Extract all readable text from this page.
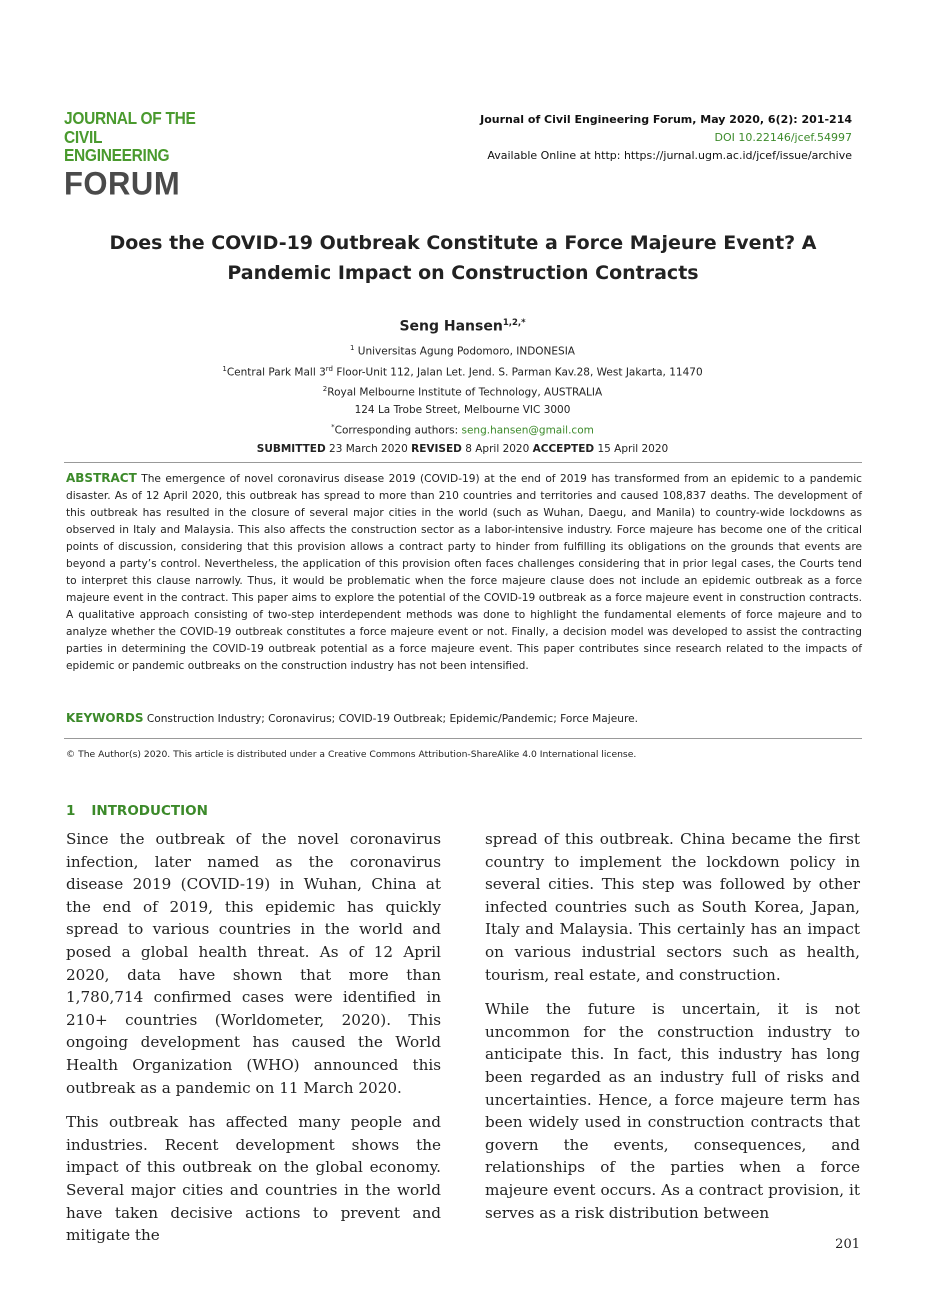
JOURNAL OF THE
CIVIL ENGINEERING
FORUM
Journal of Civil Engineering Forum, May 2020, 6(2): 201-214
DOI 10.22146/jcef.54997
Available Online at http: https://jurnal.ugm.ac.id/jcef/issue/archive
Does the COVID-19 Outbreak Constitute a Force Majeure Event? A
Pandemic Impact on Construction Contracts
Seng Hansen$^{1,2,*}$
$^1$ Universitas Agung Podomoro, INDONESIA
$^1$Central Park Mall 3rd Floor-Unit 112, Jalan Let. Jend. S. Parman Kav.28, West Jakarta, 11470
$^2$Royal Melbourne Institute of Technology, AUSTRALIA
124 La Trobe Street, Melbourne VIC 3000
*Corresponding authors: seng.hansen@gmail.com
SUBMITTED 23 March 2020 REVISED 8 April 2020 ACCEPTED 15 April 2020
ABSTRACT The emergence of novel coronavirus disease 2019 (COVID-19) at the end of 2019 has transformed from an epidemic to a pandemic disaster. As of 12 April 2020, this outbreak has spread to more than 210 countries and territories and caused 108,837 deaths. The development of this outbreak has resulted in the closure of several major cities in the world (such as Wuhan, Daegu, and Manila) to country-wide lockdowns as observed in Italy and Malaysia. This also affects the construction sector as a labor-intensive industry. Force majeure has become one of the critical points of discussion, considering that this provision allows a contract party to hinder from fulfilling its obligations on the grounds that events are beyond a party’s control. Nevertheless, the application of this provision often faces challenges considering that in prior legal cases, the Courts tend to interpret this clause narrowly. Thus, it would be problematic when the force majeure clause does not include an epidemic outbreak as a force majeure event in the contract. This paper aims to explore the potential of the COVID-19 outbreak as a force majeure event in construction contracts. A qualitative approach consisting of two-step interdependent methods was done to highlight the fundamental elements of force majeure and to analyze whether the COVID-19 outbreak constitutes a force majeure event or not. Finally, a decision model was developed to assist the contracting parties in determining the COVID-19 outbreak potential as a force majeure event. This paper contributes since research related to the impacts of epidemic or pandemic outbreaks on the construction industry has not been intensified.
KEYWORDS Construction Industry; Coronavirus; COVID-19 Outbreak; Epidemic/Pandemic; Force Majeure.
© The Author(s) 2020. This article is distributed under a Creative Commons Attribution-ShareAlike 4.0 International license.
1 INTRODUCTION

Since the outbreak of the novel coronavirus infection, later named as the coronavirus disease 2019 (COVID-19) in Wuhan, China at the end of 2019, this epidemic has quickly spread to various countries in the world and posed a global health threat. As of 12 April 2020, data have shown that more than 1,780,714 confirmed cases were identified in 210+ countries (Worldometer, 2020). This ongoing development has caused the World Health Organization (WHO) announced this outbreak as a pandemic on 11 March 2020.

This outbreak has affected many people and industries. Recent development shows the impact of this outbreak on the global economy. Several major cities and countries in the world have taken decisive actions to prevent and mitigate the

spread of this outbreak. China became the first country to implement the lockdown policy in several cities. This step was followed by other infected countries such as South Korea, Japan, Italy and Malaysia. This certainly has an impact on various industrial sectors such as health, tourism, real estate, and construction.

While the future is uncertain, it is not uncommon for the construction industry to anticipate this. In fact, this industry has long been regarded as an industry full of risks and uncertainties. Hence, a force majeure term has been widely used in construction contracts that govern the events, consequences, and relationships of the parties when a force majeure event occurs. As a contract provision, it serves as a risk distribution between

201
